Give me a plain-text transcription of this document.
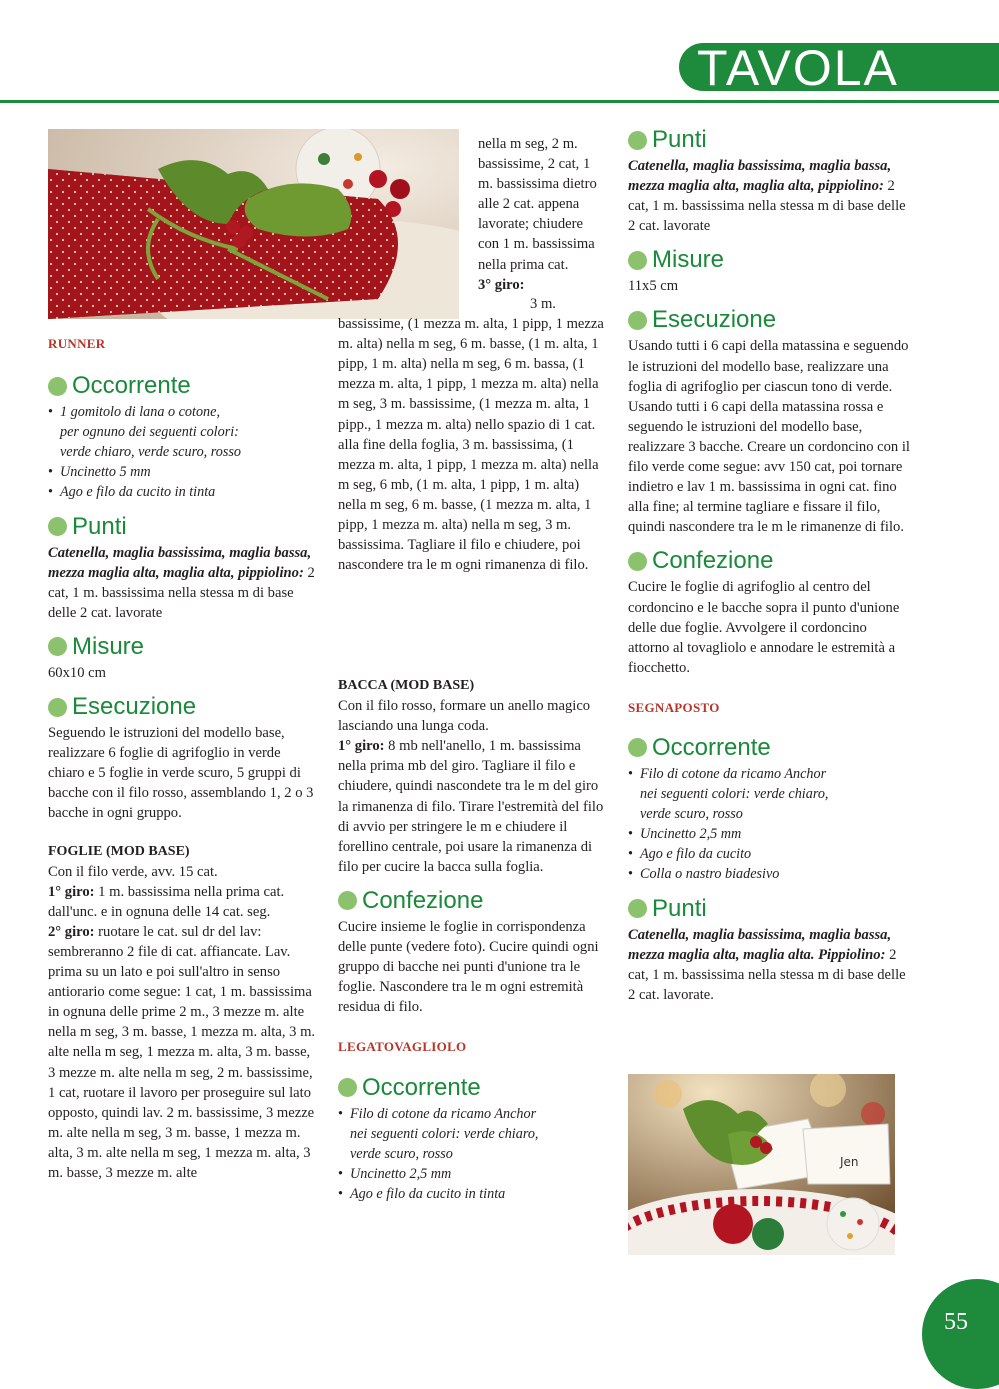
TAVOLA

nella m seg, 2 m. bassissime, 2 cat, 1 m. bassissima dietro alle 2 cat. appena lavorate; chiudere con 1 m. bassissima nella prima cat.

3° giro:

3 m. bassissime, (1 mezza m. alta, 1 pipp, 1 mezza m. alta) nella m seg, 6 m. basse, (1 m. alta, 1 pipp, 1 m. alta) nella m seg, 6 m. bassa, (1 mezza m. alta, 1 pipp, 1 mezza m. alta) nella m seg, 3 m. bassissime, (1 mezza m. alta, 1 pipp., 1 mezza m. alta) nello spazio di 1 cat. alla fine della foglia, 3 m. bassissima, (1 mezza m. alta, 1 pipp, 1 mezza m. alta) nella m seg, 6 mb, (1 m. alta, 1 pipp, 1 m. alta) nella m seg, 6 m. basse, (1 mezza m. alta, 1 pipp, 1 mezza m. alta) nella m seg, 3 m. bassissima. Tagliare il filo e chiudere, poi nascondere tra le m ogni rimanenza di filo.

RUNNER

Occorrente

• 1 gomitolo di lana o cotone,
per ognuno dei seguenti colori:
verde chiaro, verde scuro, rosso
• Uncinetto 5 mm
• Ago e filo da cucito in tinta

Punti

Catenella, maglia bassissima, maglia bassa, mezza maglia alta, maglia alta, pippiolino: 2 cat, 1 m. bassissima nella stessa m di base delle 2 cat. lavorate

Misure

60x10 cm

Esecuzione

Seguendo le istruzioni del modello base, realizzare 6 foglie di agrifoglio in verde chiaro e 5 foglie in verde scuro, 5 gruppi di bacche con il filo rosso, assemblando 1, 2 o 3 bacche in ogni gruppo.

FOGLIE (MOD BASE)

Con il filo verde, avv. 15 cat.

1° giro: 1 m. bassissima nella prima cat. dall'unc. e in ognuna delle 14 cat. seg.

2° giro: ruotare le cat. sul dr del lav: sembreranno 2 file di cat. affiancate. Lav. prima su un lato e poi sull'altro in senso antiorario come segue: 1 cat, 1 m. bassissima in ognuna delle prime 2 m., 3 mezze m. alte nella m seg, 3 m. basse, 1 mezza m. alta, 3 m. alte nella m seg, 1 mezza m. alta, 3 m. basse, 3 mezze m. alte nella m seg, 2 m. bassissime, 1 cat, ruotare il lavoro per proseguire sul lato opposto, quindi lav. 2 m. bassissime, 3 mezze m. alte nella m seg, 3 m. basse, 1 mezza m. alta, 3 m. alte nella m seg, 1 mezza m. alta, 3 m. basse, 3 mezze m. alte

BACCA (MOD BASE)

Con il filo rosso, formare un anello magico lasciando una lunga coda.

1° giro: 8 mb nell'anello, 1 m. bassissima nella prima mb del giro. Tagliare il filo e chiudere, quindi nascondete tra le m del giro la rimanenza di filo. Tirare l'estremità del filo di avvio per stringere le m e chiudere il forellino centrale, poi usare la rimanenza di filo per cucire la bacca sulla foglia.

Confezione

Cucire insieme le foglie in corrispondenza delle punte (vedere foto). Cucire quindi ogni gruppo di bacche nei punti d'unione tra le foglie. Nascondere tra le m ogni estremità residua di filo.

LEGATOVAGLIOLO

Occorrente

• Filo di cotone da ricamo Anchor
nei seguenti colori: verde chiaro,
verde scuro, rosso
• Uncinetto 2,5 mm
• Ago e filo da cucito in tinta

Punti

Catenella, maglia bassissima, maglia bassa, mezza maglia alta, maglia alta, pippiolino: 2 cat, 1 m. bassissima nella stessa m di base delle 2 cat. lavorate

Misure

11x5 cm

Esecuzione

Usando tutti i 6 capi della matassina e seguendo le istruzioni del modello base, realizzare una foglia di agrifoglio per ciascun tono di verde. Usando tutti i 6 capi della matassina rossa e seguendo le istruzioni del modello base, realizzare 3 bacche. Creare un cordoncino con il filo verde come segue: avv 150 cat, poi tornare indietro e lav 1 m. bassissima in ogni cat. fino alla fine; al termine tagliare e fissare il filo, quindi nascondere tra le m le rimanenze di filo.

Confezione

Cucire le foglie di agrifoglio al centro del cordoncino e le bacche sopra il punto d'unione delle due foglie. Avvolgere il cordoncino attorno al tovagliolo e annodare le estremità a fiocchetto.

SEGNAPOSTO

Occorrente

• Filo di cotone da ricamo Anchor
nei seguenti colori: verde chiaro,
verde scuro, rosso
• Uncinetto 2,5 mm
• Ago e filo da cucito
• Colla o nastro biadesivo

Punti

Catenella, maglia bassissima, maglia bassa, mezza maglia alta, maglia alta. Pippiolino: 2 cat, 1 m. bassissima nella stessa m di base delle 2 cat. lavorate.

Jen
55
